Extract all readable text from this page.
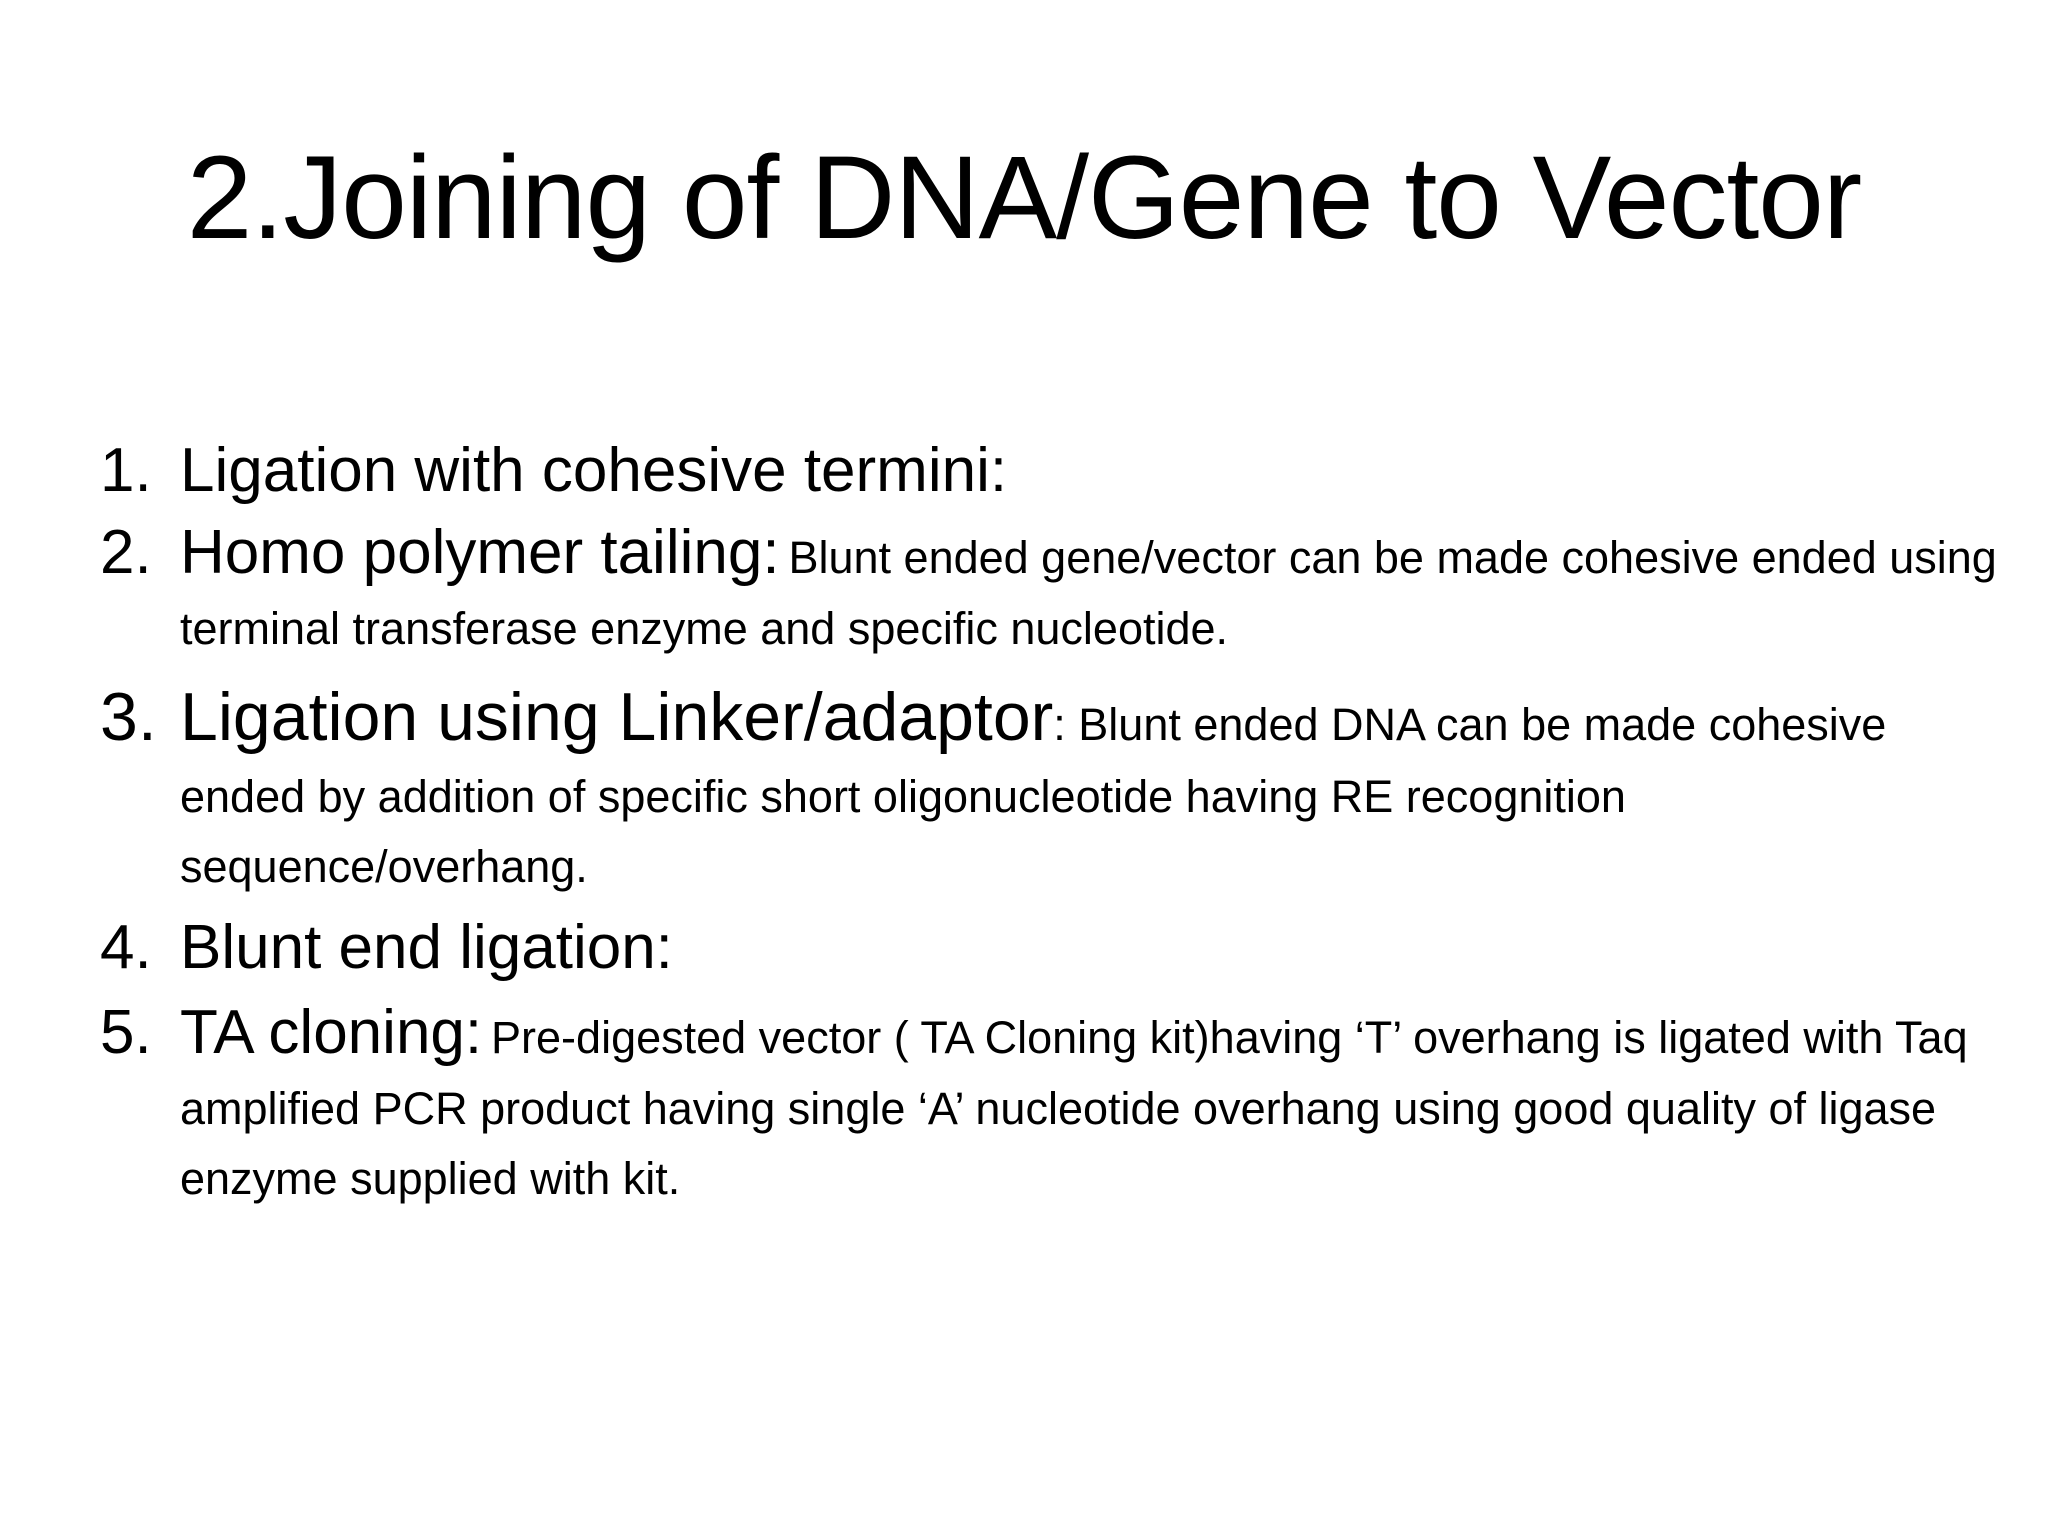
2.Joining of DNA/Gene to Vector
1. Ligation with cohesive termini:
2. Homo polymer tailing: Blunt ended gene/vector can be made cohesive ended using terminal transferase enzyme and specific nucleotide.
3. Ligation using Linker/adaptor: Blunt ended DNA can be made cohesive ended by addition of specific short oligonucleotide having RE recognition sequence/overhang.
4. Blunt end ligation:
5. TA cloning: Pre-digested vector ( TA Cloning kit)having ‘T’ overhang is ligated with Taq amplified PCR product having single ‘A’ nucleotide overhang using good quality of ligase enzyme supplied with kit.
